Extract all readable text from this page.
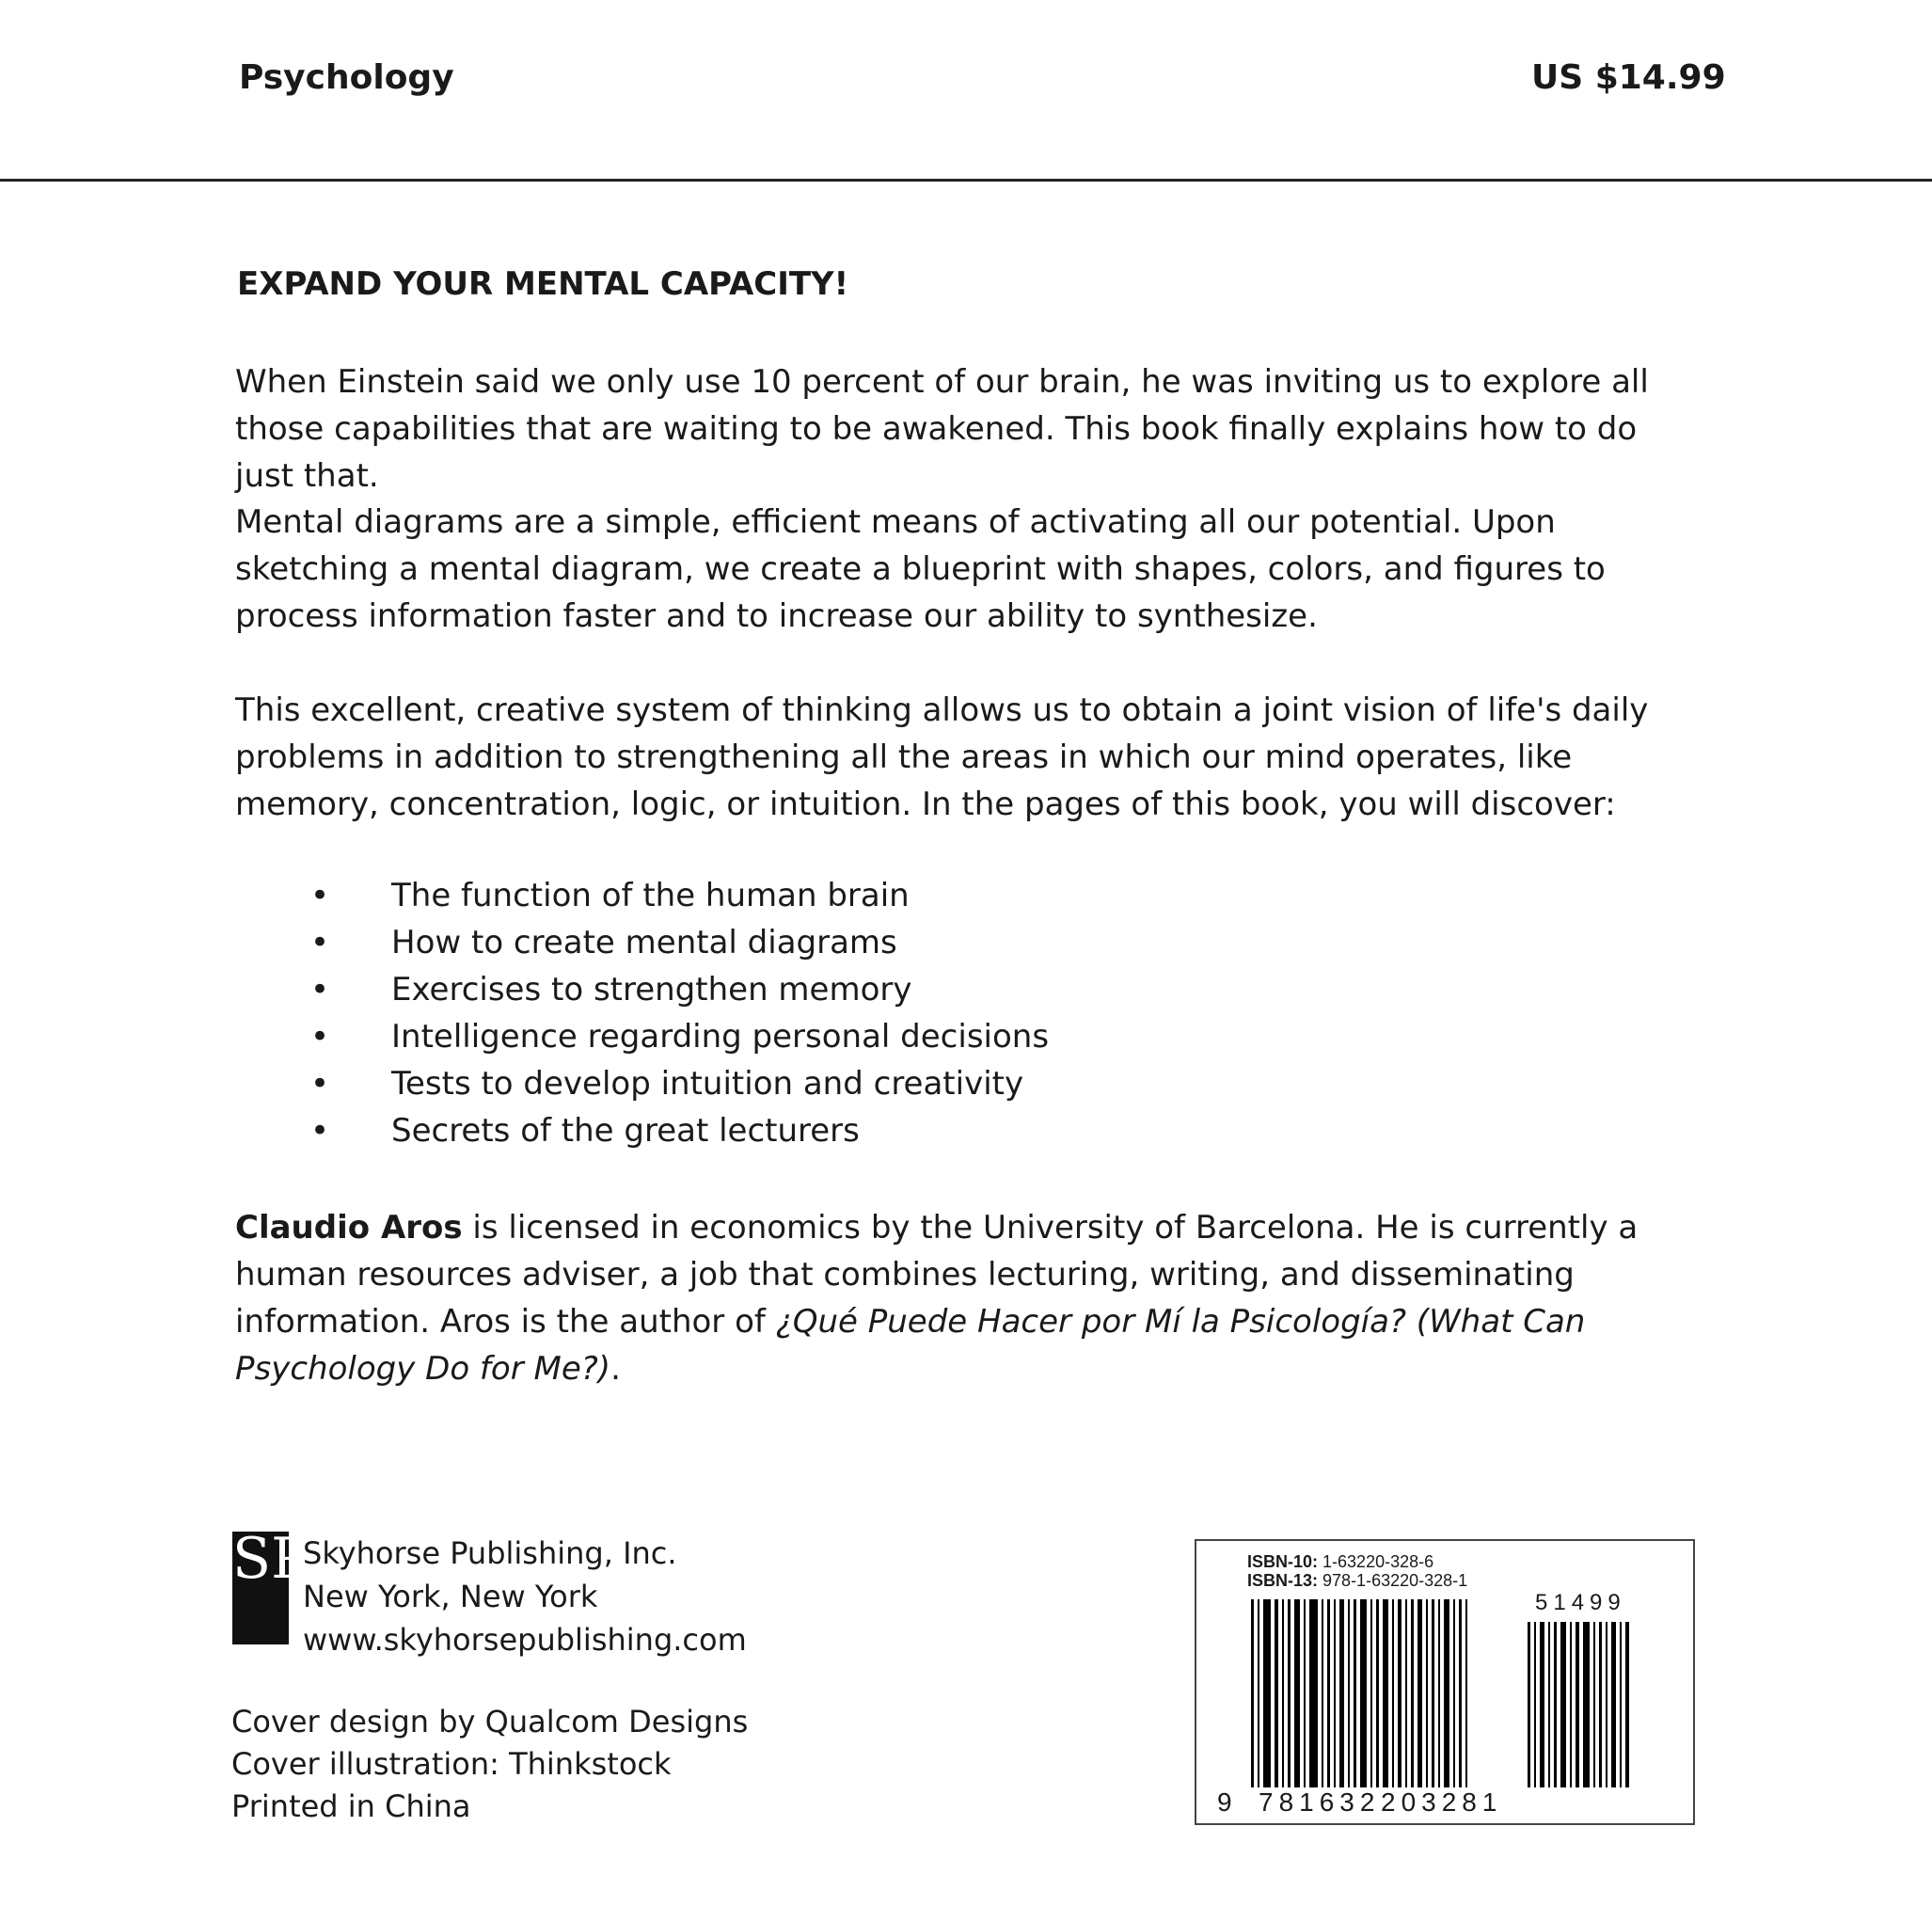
Psychology	US $14.99
EXPAND YOUR MENTAL CAPACITY!
When Einstein said we only use 10 percent of our brain, he was inviting us to explore all those capabilities that are waiting to be awakened. This book finally explains how to do just that.
Mental diagrams are a simple, efficient means of activating all our potential. Upon sketching a mental diagram, we create a blueprint with shapes, colors, and figures to process information faster and to increase our ability to synthesize.
This excellent, creative system of thinking allows us to obtain a joint vision of life's daily problems in addition to strengthening all the areas in which our mind operates, like memory, concentration, logic, or intuition. In the pages of this book, you will discover:
• The function of the human brain
• How to create mental diagrams
• Exercises to strengthen memory
• Intelligence regarding personal decisions
• Tests to develop intuition and creativity
• Secrets of the great lecturers
Claudio Aros is licensed in economics by the University of Barcelona. He is currently a human resources adviser, a job that combines lecturing, writing, and disseminating information. Aros is the author of ¿Qué Puede Hacer por Mí la Psicología? (What Can Psychology Do for Me?).
SP
Skyhorse Publishing, Inc.
New York, New York
www.skyhorsepublishing.com
Cover design by Qualcom Designs
Cover illustration: Thinkstock
Printed in China
ISBN-10: 1-63220-328-6
ISBN-13: 978-1-63220-328-1
51499
9 781632 203281
